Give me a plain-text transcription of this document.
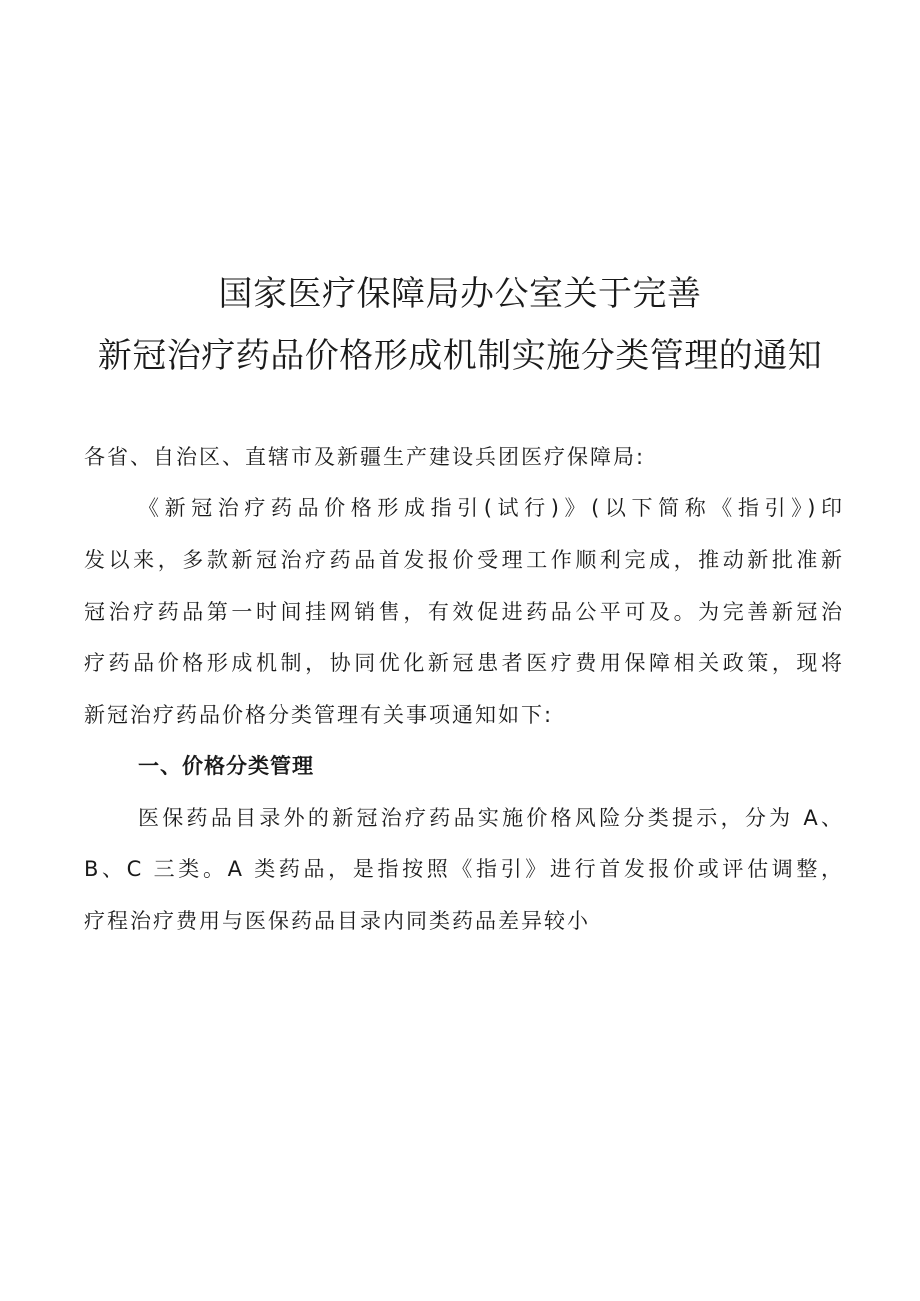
国家医疗保障局办公室关于完善
新冠治疗药品价格形成机制实施分类管理的通知
各省、自治区、直辖市及新疆生产建设兵团医疗保障局:
《新冠治疗药品价格形成指引(试行)》(以下简称《指引》)印
发以来，多款新冠治疗药品首发报价受理工作顺利完成，推动新批准新
冠治疗药品第一时间挂网销售，有效促进药品公平可及。为完善新冠治
疗药品价格形成机制，协同优化新冠患者医疗费用保障相关政策，现将
新冠治疗药品价格分类管理有关事项通知如下:
一、价格分类管理
医保药品目录外的新冠治疗药品实施价格风险分类提示，分为 A、
B、C 三类。A 类药品，是指按照《指引》进行首发报价或评估调整，
疗程治疗费用与医保药品目录内同类药品差异较小
